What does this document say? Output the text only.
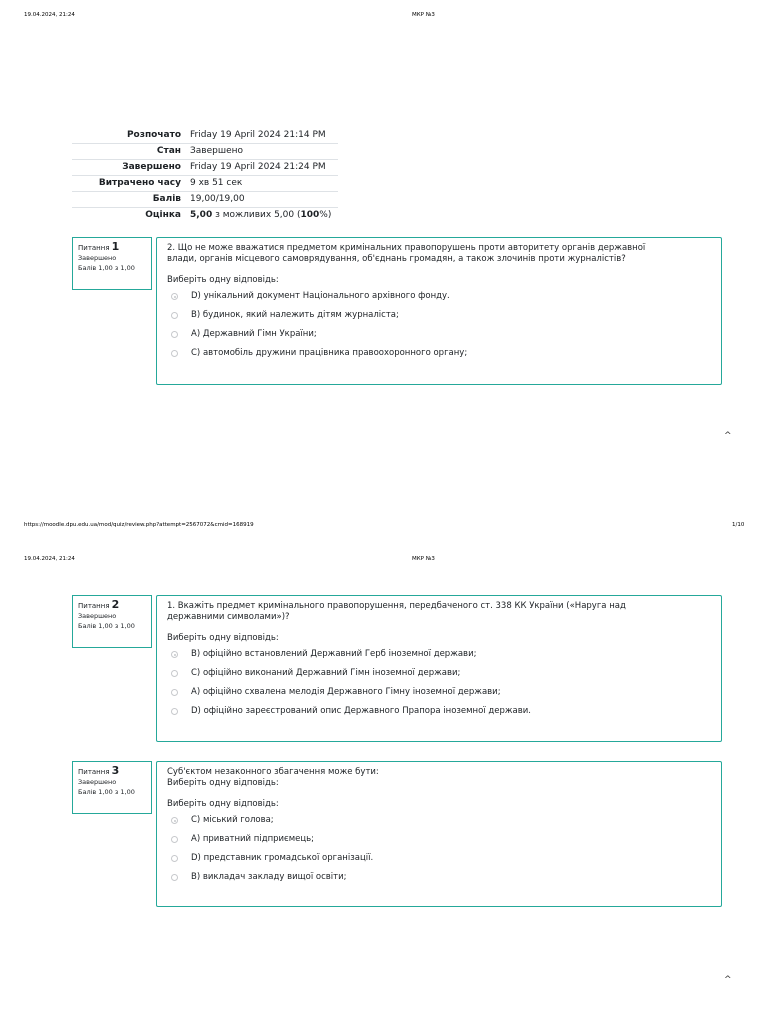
19.04.2024, 21:24	МКР №3
Розпочато	Friday 19 April 2024 21:14 PM
Стан	Завершено
Завершено	Friday 19 April 2024 21:24 PM
Витрачено часу	9 хв 51 сек
Балів	19,00/19,00
Оцінка	5,00 з можливих 5,00 (100%)
Питання 1
Завершено
Балів 1,00 з 1,00
2. Що не може вважатися предметом кримінальних правопорушень проти авторитету органів державної
влади, органів місцевого самоврядування, об'єднань громадян, а також злочинів проти журналістів?
Виберіть одну відповідь:
D) унікальний документ Національного архівного фонду.
В) будинок, який належить дітям журналіста;
А) Державний Гімн України;
С) автомобіль дружини працівника правоохоронного органу;
^
https://moodle.dpu.edu.ua/mod/quiz/review.php?attempt=2567072&cmid=168919	1/10
19.04.2024, 21:24	МКР №3
Питання 2
Завершено
Балів 1,00 з 1,00
1. Вкажіть предмет кримінального правопорушення, передбаченого ст. 338 КК України («Наруга над
державними символами»)?
Виберіть одну відповідь:
В) офіційно встановлений Державний Герб іноземної держави;
С) офіційно виконаний Державний Гімн іноземної держави;
А) офіційно схвалена мелодія Державного Гімну іноземної держави;
D) офіційно зареєстрований опис Державного Прапора іноземної держави.
Питання 3
Завершено
Балів 1,00 з 1,00
Суб'єктом незаконного збагачення може бути:
Виберіть одну відповідь:
Виберіть одну відповідь:
С) міський голова;
А) приватний підприємець;
D) представник громадської організації.
В) викладач закладу вищої освіти;
^
